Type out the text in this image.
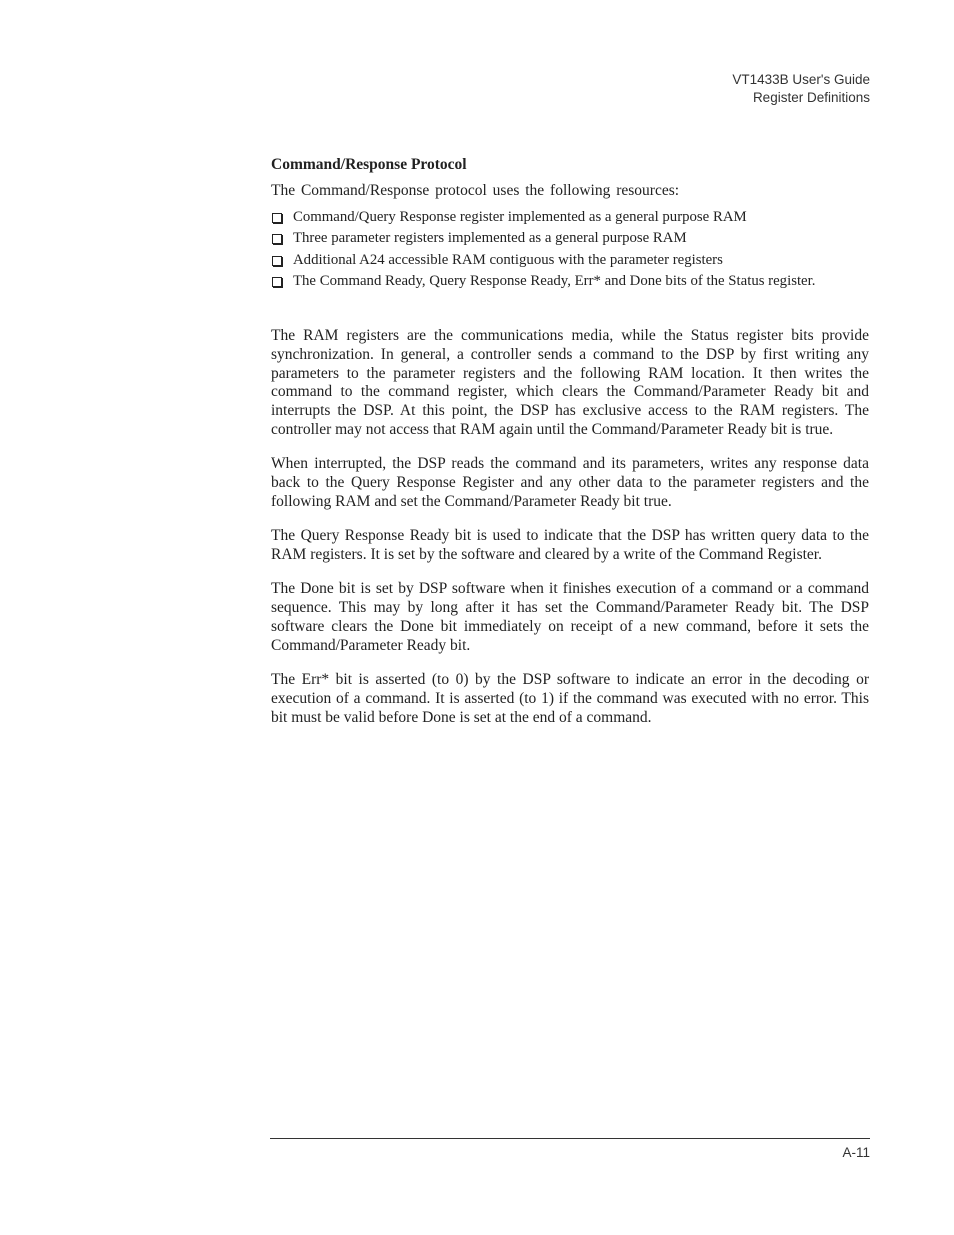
VT1433B User's Guide
Register Definitions
Command/Response Protocol
The Command/Response protocol uses the following resources:
Command/Query Response register implemented as a general purpose RAM
Three parameter registers implemented as a general purpose RAM
Additional A24 accessible RAM contiguous with the parameter registers
The Command Ready, Query Response Ready, Err* and Done bits of the Status register.

The RAM registers are the communications media, while the Status register bits provide synchronization. In general, a controller sends a command to the DSP by first writing any parameters to the parameter registers and the following RAM location. It then writes the command to the command register, which clears the Command/Parameter Ready bit and interrupts the DSP. At this point, the DSP has exclusive access to the RAM registers. The controller may not access that RAM again until the Command/Parameter Ready bit is true.

When interrupted, the DSP reads the command and its parameters, writes any response data back to the Query Response Register and any other data to the parameter registers and the following RAM and set the Command/Parameter Ready bit true.

The Query Response Ready bit is used to indicate that the DSP has written query data to the RAM registers. It is set by the software and cleared by a write of the Command Register.

The Done bit is set by DSP software when it finishes execution of a command or a command sequence. This may by long after it has set the Command/Parameter Ready bit. The DSP software clears the Done bit immediately on receipt of a new command, before it sets the Command/Parameter Ready bit.

The Err* bit is asserted (to 0) by the DSP software to indicate an error in the decoding or execution of a command. It is asserted (to 1) if the command was executed with no error. This bit must be valid before Done is set at the end of a command.

A-11
